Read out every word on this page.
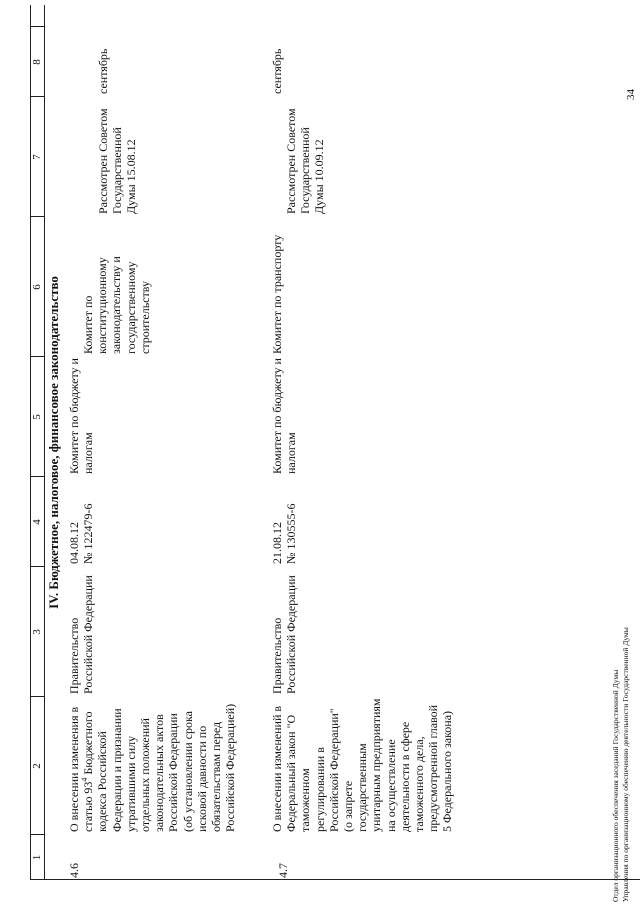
1
2
3
4
5
6
7
8
IV. Бюджетное, налоговое, финансовое законодательство
4.6
О внесении изменения в статью $93^4$ Бюджетного кодекса Российской Федерации и признании утратившими силу отдельных положений законодательных актов Российской Федерации (об установлении срока исковой давности по обязательствам перед Российской Федерацией)
Правительство Российской Федерации
04.08.12 № 122479-6
Комитет по бюджету и налогам
Комитет по конституционному законодательству и государственному строительству
Рассмотрен Советом Государственной Думы 15.08.12
сентябрь
4.7
О внесении изменений в Федеральный закон "О таможенном регулировании в Российской Федерации" (о запрете государственным унитарным предприятиям на осуществление деятельности в сфере таможенного дела, предусмотренной главой 5 Федерального закона)
Правительство Российской Федерации
21.08.12 № 130555-6
Комитет по бюджету и налогам
Комитет по транспорту
Рассмотрен Советом Государственной Думы 10.09.12
сентябрь
34
Отдел организационного обеспечения заседаний Государственной Думы Управления по организационному обеспечению деятельности Государственной Думы
